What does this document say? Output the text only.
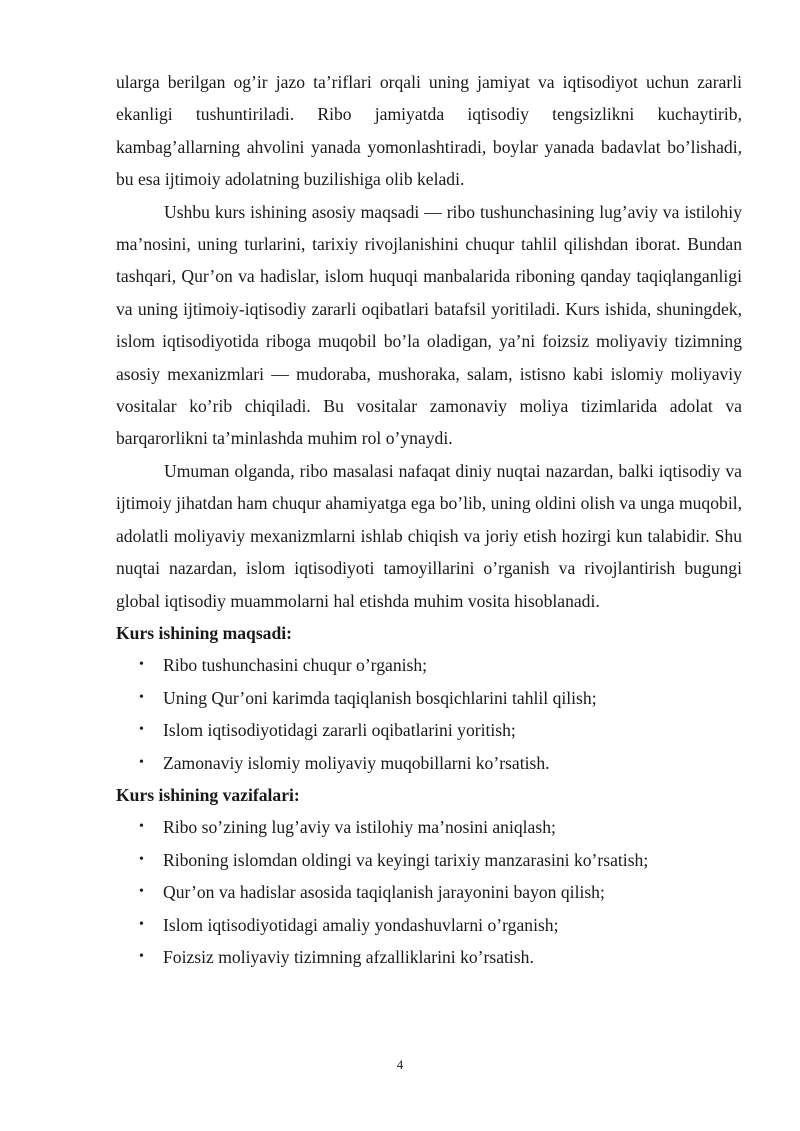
ularga berilgan og’ir jazo ta’riflari orqali uning jamiyat va iqtisodiyot uchun zararli ekanligi tushuntiriladi. Ribo jamiyatda iqtisodiy tengsizlikni kuchaytirib, kambag’allarning ahvolini yanada yomonlashtiradi, boylar yanada badavlat bo’lishadi, bu esa ijtimoiy adolatning buzilishiga olib keladi.

Ushbu kurs ishining asosiy maqsadi — ribo tushunchasining lug’aviy va istilohiy ma’nosini, uning turlarini, tarixiy rivojlanishini chuqur tahlil qilishdan iborat. Bundan tashqari, Qur’on va hadislar, islom huquqi manbalarida riboning qanday taqiqlanganligi va uning ijtimoiy-iqtisodiy zararli oqibatlari batafsil yoritiladi. Kurs ishida, shuningdek, islom iqtisodiyotida riboga muqobil bo’la oladigan, ya’ni foizsiz moliyaviy tizimning asosiy mexanizmlari — mudoraba, mushoraka, salam, istisno kabi islomiy moliyaviy vositalar ko’rib chiqiladi. Bu vositalar zamonaviy moliya tizimlarida adolat va barqarorlikni ta’minlashda muhim rol o’ynaydi.

Umuman olganda, ribo masalasi nafaqat diniy nuqtai nazardan, balki iqtisodiy va ijtimoiy jihatdan ham chuqur ahamiyatga ega bo’lib, uning oldini olish va unga muqobil, adolatli moliyaviy mexanizmlarni ishlab chiqish va joriy etish hozirgi kun talabidir. Shu nuqtai nazardan, islom iqtisodiyoti tamoyillarini o’rganish va rivojlantirish bugungi global iqtisodiy muammolarni hal etishda muhim vosita hisoblanadi.

Kurs ishining maqsadi:

• Ribo tushunchasini chuqur o’rganish;
• Uning Qur’oni karimda taqiqlanish bosqichlarini tahlil qilish;
• Islom iqtisodiyotidagi zararli oqibatlarini yoritish;
• Zamonaviy islomiy moliyaviy muqobillarni ko’rsatish.

Kurs ishining vazifalari:

• Ribo so’zining lug’aviy va istilohiy ma’nosini aniqlash;
• Riboning islomdan oldingi va keyingi tarixiy manzarasini ko’rsatish;
• Qur’on va hadislar asosida taqiqlanish jarayonini bayon qilish;
• Islom iqtisodiyotidagi amaliy yondashuvlarni o’rganish;
• Foizsiz moliyaviy tizimning afzalliklarini ko’rsatish.
4
